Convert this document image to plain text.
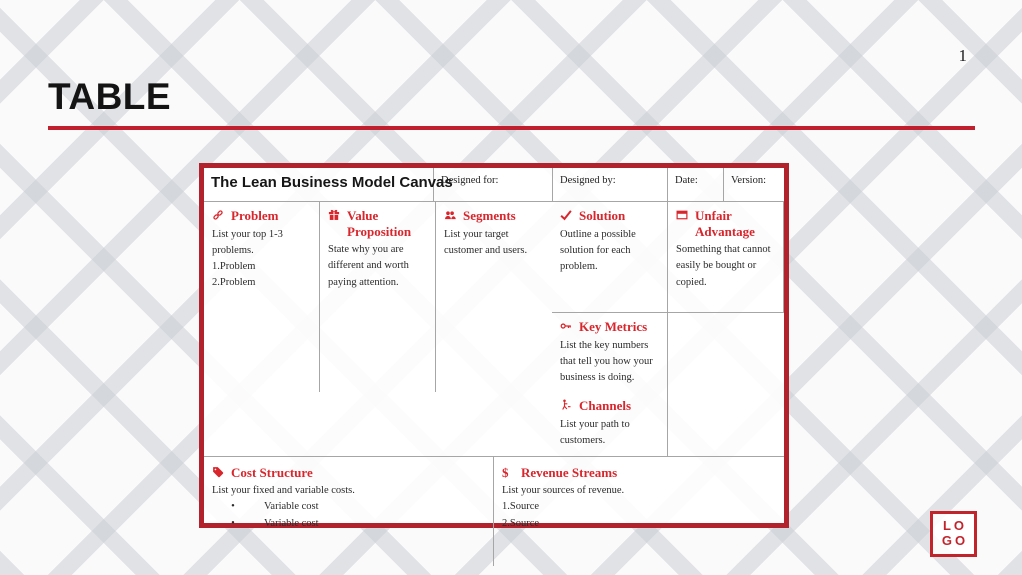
1
TABLE
The Lean Business Model Canvas
Designed for:	Designed by:	Date:	Version:
Problem
List your top 1-3 problems.
1.Problem
2.Problem
Solution
Outline a possible solution for each problem.
Value Proposition
State why you are different and worth paying attention.
Unfair Advantage
Something that cannot easily be bought or copied.
Segments
List your target customer and users.
Key Metrics
List the key numbers that tell you how your business is doing.
Channels
List your path to customers.
Cost Structure
List your fixed and variable costs.
•	Variable cost
•	Variable cost
$ Revenue Streams
List your sources of revenue.
1.Source
2.Source	LO
GO
